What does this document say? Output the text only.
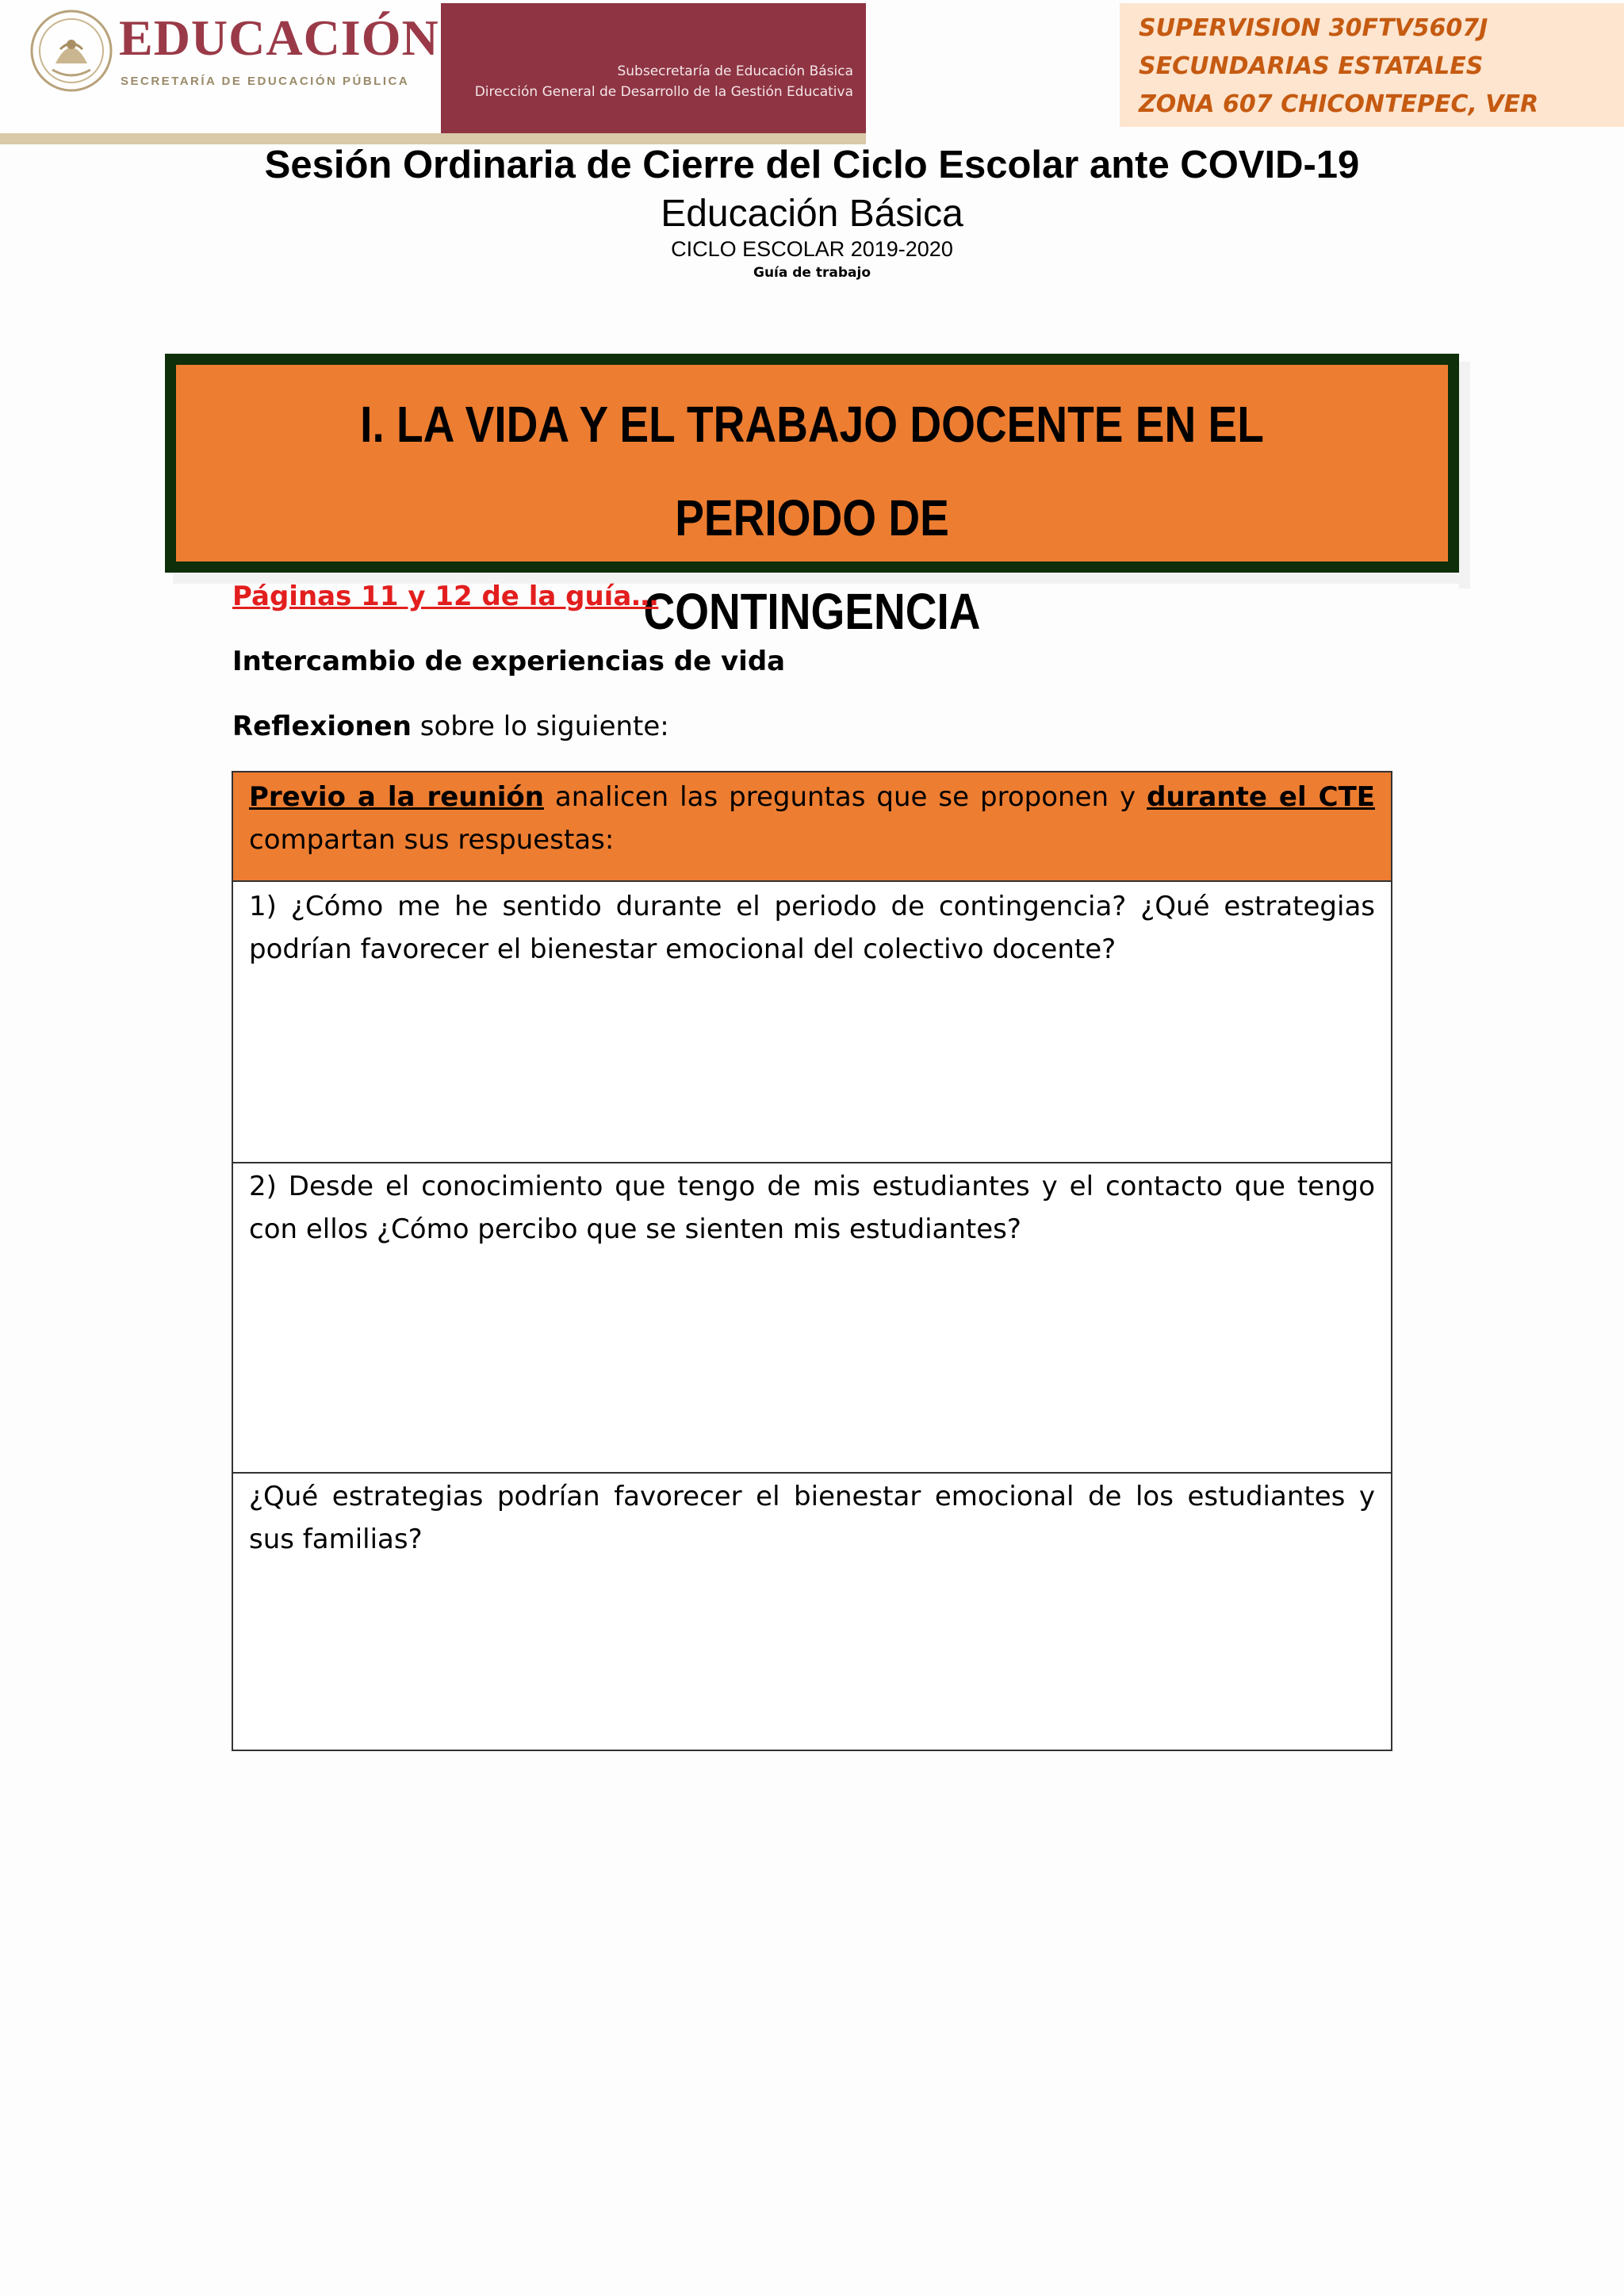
EDUCACIÓN
SECRETARÍA DE EDUCACIÓN PÚBLICA
Subsecretaría de Educación Básica
Dirección General de Desarrollo de la Gestión Educativa
SUPERVISION 30FTV5607J
SECUNDARIAS ESTATALES
ZONA 607 CHICONTEPEC, VER
Sesión Ordinaria de Cierre del Ciclo Escolar ante COVID-19
Educación Básica
CICLO ESCOLAR 2019-2020
Guía de trabajo
I. LA VIDA Y EL TRABAJO DOCENTE EN EL PERIODO DE
CONTINGENCIA
Páginas 11 y 12 de la guía…
Intercambio de experiencias de vida
Reflexionen sobre lo siguiente:
Previo a la reunión analicen las preguntas que se proponen y durante el CTE compartan sus respuestas:
1) ¿Cómo me he sentido durante el periodo de contingencia? ¿Qué estrategias podrían favorecer el bienestar emocional del colectivo docente?
2) Desde el conocimiento que tengo de mis estudiantes y el contacto que tengo con ellos ¿Cómo percibo que se sienten mis estudiantes?
¿Qué estrategias podrían favorecer el bienestar emocional de los estudiantes y sus familias?
